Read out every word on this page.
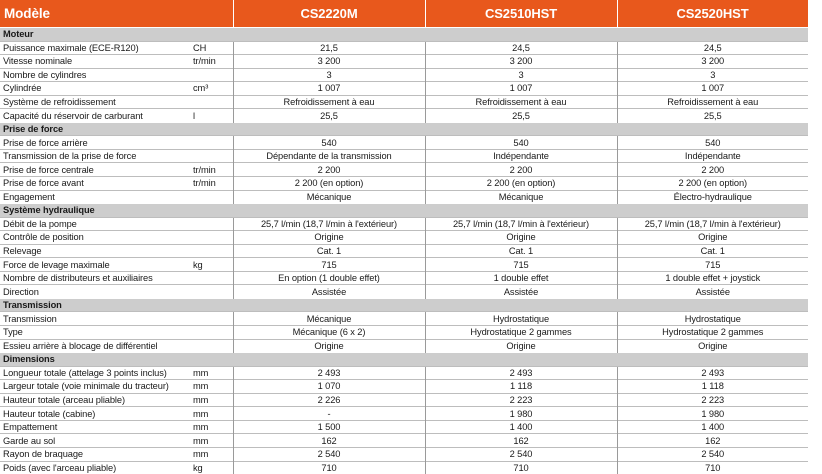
Modèle		CS2220M	CS2510HST	CS2520HST
Moteur				
Puissance maximale (ECE-R120)	CH	21,5	24,5	24,5
Vitesse nominale	tr/min	3 200	3 200	3 200
Nombre de cylindres		3	3	3
Cylindrée	cm³	1 007	1 007	1 007
Système de refroidissement		Refroidissement à eau	Refroidissement à eau	Refroidissement à eau
Capacité du réservoir de carburant	l	25,5	25,5	25,5
Prise de force				
Prise de force arrière		540	540	540
Transmission de la prise de force		Dépendante de la transmission	Indépendante	Indépendante
Prise de force centrale	tr/min	2 200	2 200	2 200
Prise de force avant	tr/min	2 200 (en option)	2 200 (en option)	2 200 (en option)
Engagement		Mécanique	Mécanique	Électro-hydraulique
Système hydraulique				
Débit de la pompe		25,7 l/min (18,7 l/min à l'extérieur)	25,7 l/min (18,7 l/min à l'extérieur)	25,7 l/min (18,7 l/min à l'extérieur)
Contrôle de position		Origine	Origine	Origine
Relevage		Cat. 1	Cat. 1	Cat. 1
Force de levage maximale	kg	715	715	715
Nombre de distributeurs et auxiliaires		En option (1 double effet)	1 double effet	1 double effet + joystick
Direction		Assistée	Assistée	Assistée
Transmission				
Transmission		Mécanique	Hydrostatique	Hydrostatique
Type		Mécanique (6 x 2)	Hydrostatique 2 gammes	Hydrostatique 2 gammes
Essieu arrière à blocage de différentiel		Origine	Origine	Origine
Dimensions				
Longueur totale (attelage 3 points inclus)	mm	2 493	2 493	2 493
Largeur totale (voie minimale du tracteur)	mm	1 070	1 118	1 118
Hauteur totale (arceau pliable)	mm	2 226	2 223	2 223
Hauteur totale (cabine)	mm	-	1 980	1 980
Empattement	mm	1 500	1 400	1 400
Garde au sol	mm	162	162	162
Rayon de braquage	mm	2 540	2 540	2 540
Poids (avec l'arceau pliable)	kg	710	710	710
